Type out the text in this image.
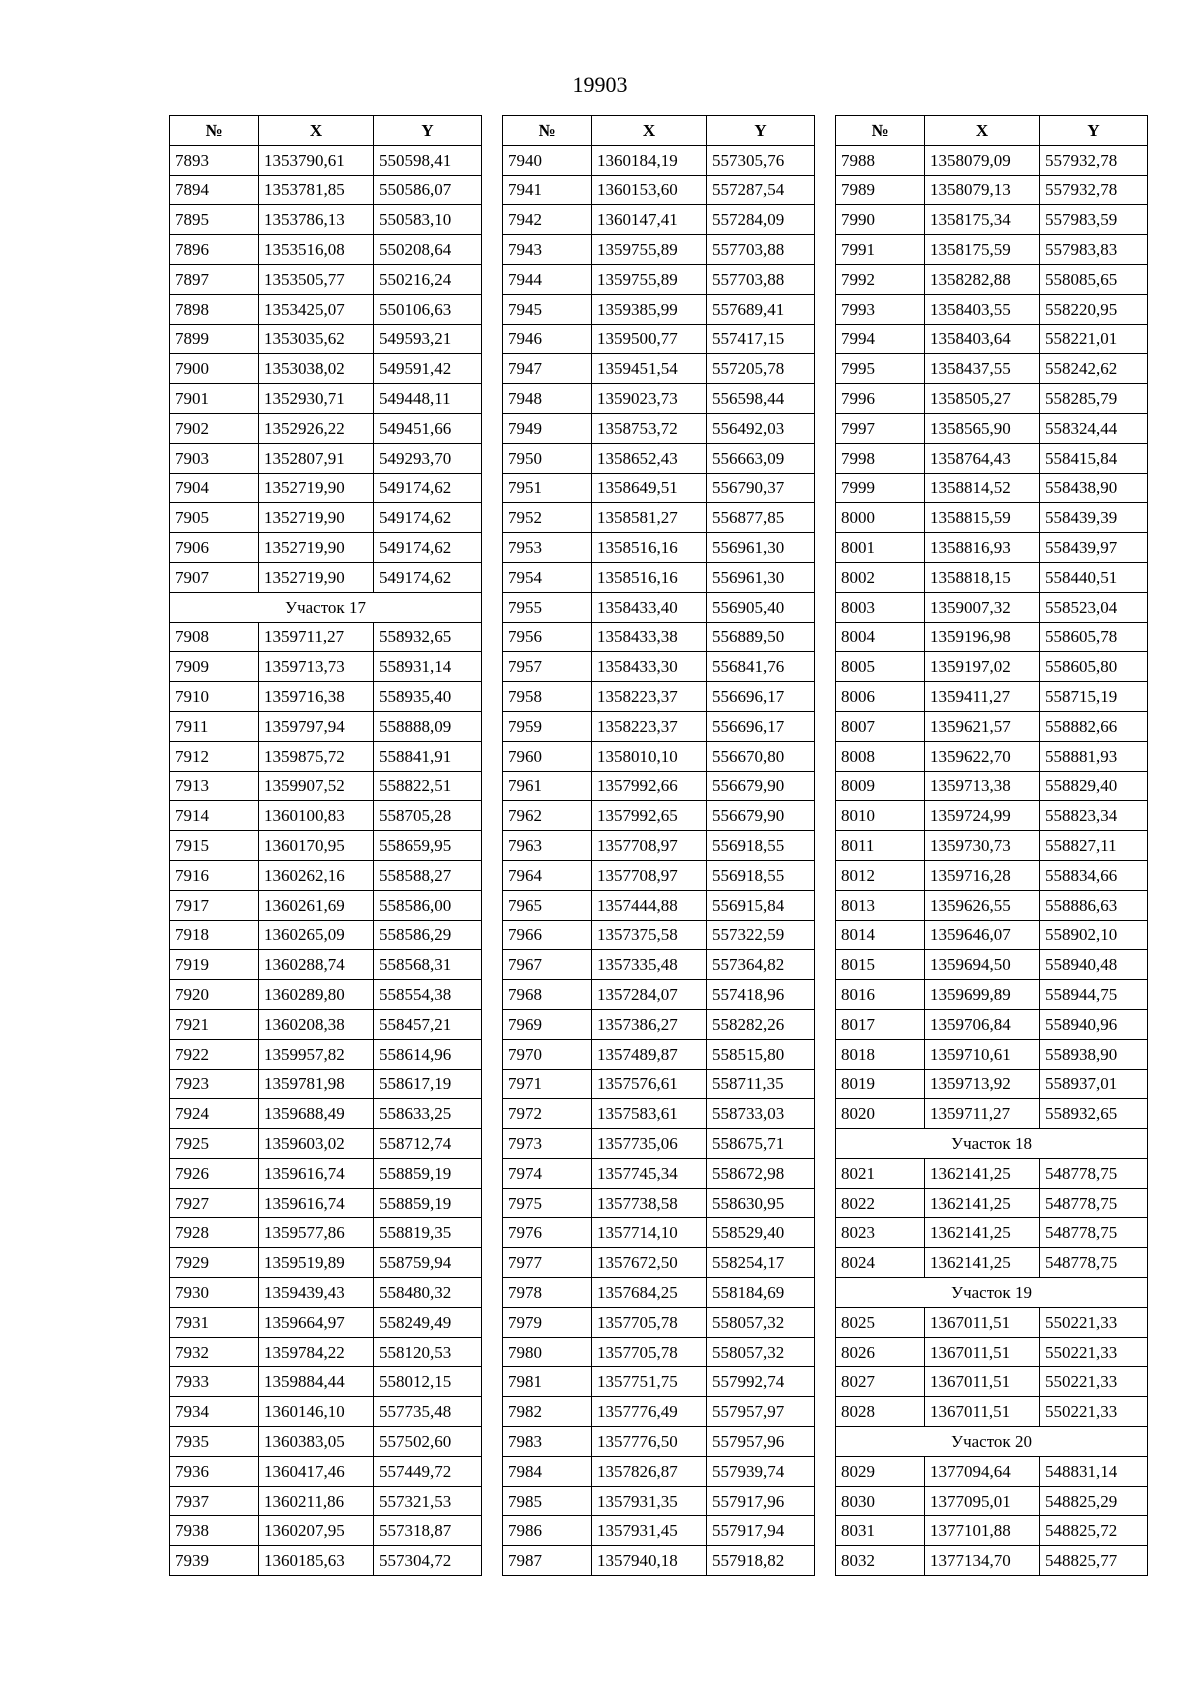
19903
№	X	Y
7893	1353790,61	550598,41
7894	1353781,85	550586,07
7895	1353786,13	550583,10
7896	1353516,08	550208,64
7897	1353505,77	550216,24
7898	1353425,07	550106,63
7899	1353035,62	549593,21
7900	1353038,02	549591,42
7901	1352930,71	549448,11
7902	1352926,22	549451,66
7903	1352807,91	549293,70
7904	1352719,90	549174,62
7905	1352719,90	549174,62
7906	1352719,90	549174,62
7907	1352719,90	549174,62
Участок 17		
7908	1359711,27	558932,65
7909	1359713,73	558931,14
7910	1359716,38	558935,40
7911	1359797,94	558888,09
7912	1359875,72	558841,91
7913	1359907,52	558822,51
7914	1360100,83	558705,28
7915	1360170,95	558659,95
7916	1360262,16	558588,27
7917	1360261,69	558586,00
7918	1360265,09	558586,29
7919	1360288,74	558568,31
7920	1360289,80	558554,38
7921	1360208,38	558457,21
7922	1359957,82	558614,96
7923	1359781,98	558617,19
7924	1359688,49	558633,25
7925	1359603,02	558712,74
7926	1359616,74	558859,19
7927	1359616,74	558859,19
7928	1359577,86	558819,35
7929	1359519,89	558759,94
7930	1359439,43	558480,32
7931	1359664,97	558249,49
7932	1359784,22	558120,53
7933	1359884,44	558012,15
7934	1360146,10	557735,48
7935	1360383,05	557502,60
7936	1360417,46	557449,72
7937	1360211,86	557321,53
7938	1360207,95	557318,87
7939	1360185,63	557304,72
№	X	Y
7940	1360184,19	557305,76
7941	1360153,60	557287,54
7942	1360147,41	557284,09
7943	1359755,89	557703,88
7944	1359755,89	557703,88
7945	1359385,99	557689,41
7946	1359500,77	557417,15
7947	1359451,54	557205,78
7948	1359023,73	556598,44
7949	1358753,72	556492,03
7950	1358652,43	556663,09
7951	1358649,51	556790,37
7952	1358581,27	556877,85
7953	1358516,16	556961,30
7954	1358516,16	556961,30
7955	1358433,40	556905,40
7956	1358433,38	556889,50
7957	1358433,30	556841,76
7958	1358223,37	556696,17
7959	1358223,37	556696,17
7960	1358010,10	556670,80
7961	1357992,66	556679,90
7962	1357992,65	556679,90
7963	1357708,97	556918,55
7964	1357708,97	556918,55
7965	1357444,88	556915,84
7966	1357375,58	557322,59
7967	1357335,48	557364,82
7968	1357284,07	557418,96
7969	1357386,27	558282,26
7970	1357489,87	558515,80
7971	1357576,61	558711,35
7972	1357583,61	558733,03
7973	1357735,06	558675,71
7974	1357745,34	558672,98
7975	1357738,58	558630,95
7976	1357714,10	558529,40
7977	1357672,50	558254,17
7978	1357684,25	558184,69
7979	1357705,78	558057,32
7980	1357705,78	558057,32
7981	1357751,75	557992,74
7982	1357776,49	557957,97
7983	1357776,50	557957,96
7984	1357826,87	557939,74
7985	1357931,35	557917,96
7986	1357931,45	557917,94
7987	1357940,18	557918,82
№	X	Y
7988	1358079,09	557932,78
7989	1358079,13	557932,78
7990	1358175,34	557983,59
7991	1358175,59	557983,83
7992	1358282,88	558085,65
7993	1358403,55	558220,95
7994	1358403,64	558221,01
7995	1358437,55	558242,62
7996	1358505,27	558285,79
7997	1358565,90	558324,44
7998	1358764,43	558415,84
7999	1358814,52	558438,90
8000	1358815,59	558439,39
8001	1358816,93	558439,97
8002	1358818,15	558440,51
8003	1359007,32	558523,04
8004	1359196,98	558605,78
8005	1359197,02	558605,80
8006	1359411,27	558715,19
8007	1359621,57	558882,66
8008	1359622,70	558881,93
8009	1359713,38	558829,40
8010	1359724,99	558823,34
8011	1359730,73	558827,11
8012	1359716,28	558834,66
8013	1359626,55	558886,63
8014	1359646,07	558902,10
8015	1359694,50	558940,48
8016	1359699,89	558944,75
8017	1359706,84	558940,96
8018	1359710,61	558938,90
8019	1359713,92	558937,01
8020	1359711,27	558932,65
Участок 18		
8021	1362141,25	548778,75
8022	1362141,25	548778,75
8023	1362141,25	548778,75
8024	1362141,25	548778,75
Участок 19		
8025	1367011,51	550221,33
8026	1367011,51	550221,33
8027	1367011,51	550221,33
8028	1367011,51	550221,33
Участок 20		
8029	1377094,64	548831,14
8030	1377095,01	548825,29
8031	1377101,88	548825,72
8032	1377134,70	548825,77
